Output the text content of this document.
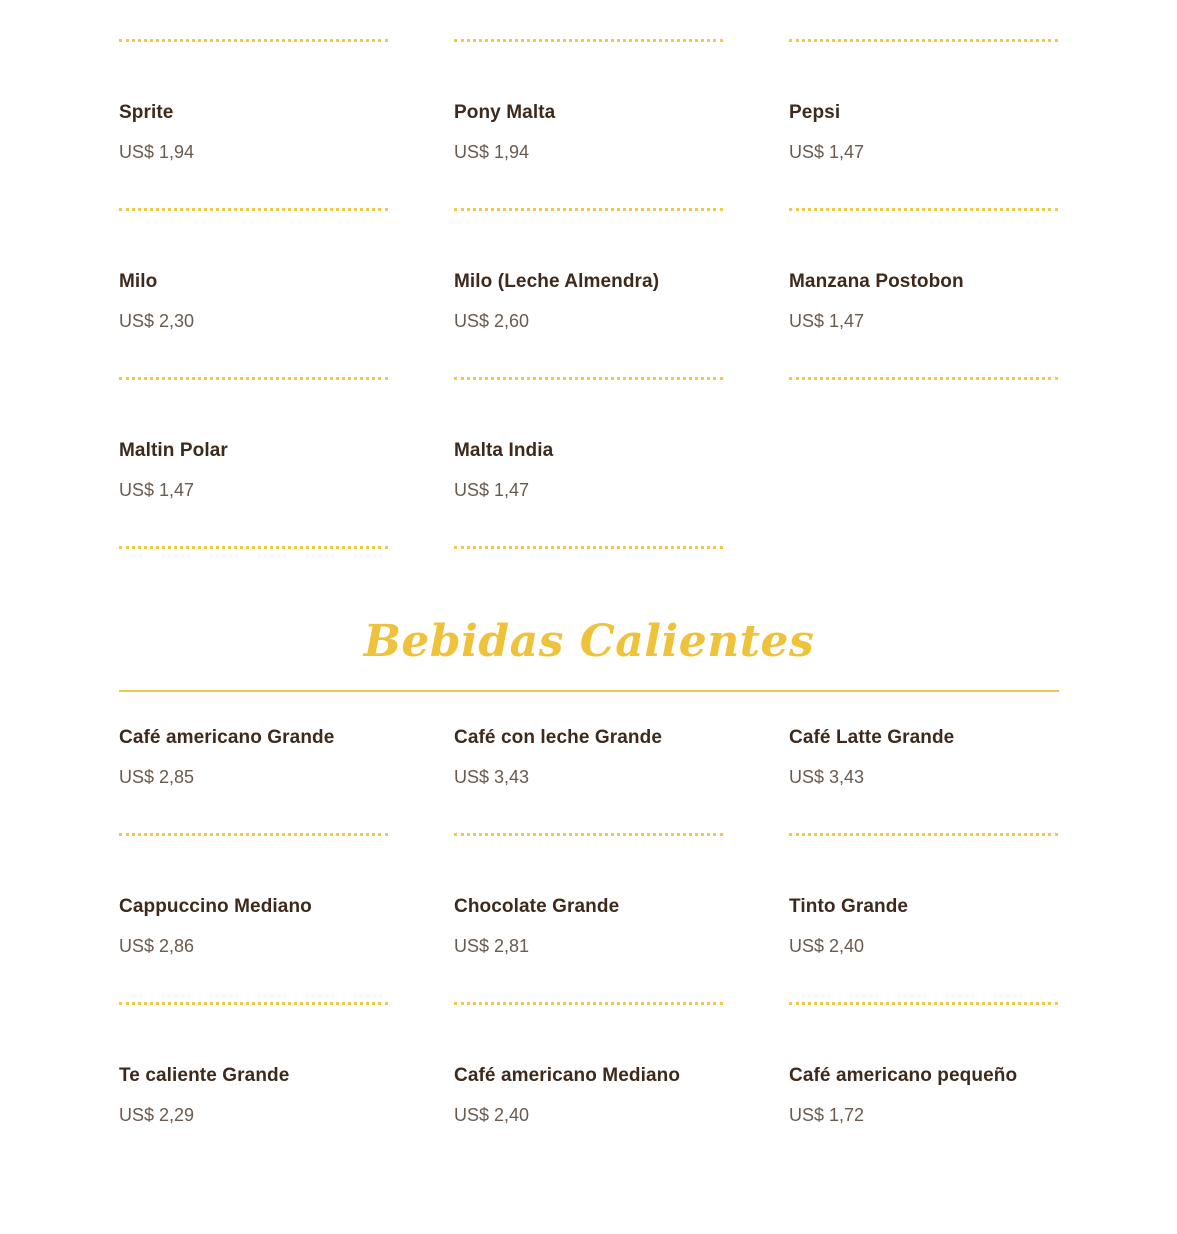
Sprite
US$ 1,94
Pony Malta
US$ 1,94
Pepsi
US$ 1,47
Milo
US$ 2,30
Milo (Leche Almendra)
US$ 2,60
Manzana Postobon
US$ 1,47
Maltin Polar
US$ 1,47
Malta India
US$ 1,47
Bebidas Calientes
Café americano Grande
US$ 2,85
Café con leche Grande
US$ 3,43
Café Latte Grande
US$ 3,43
Cappuccino Mediano
US$ 2,86
Chocolate Grande
US$ 2,81
Tinto Grande
US$ 2,40
Te caliente Grande
US$ 2,29
Café americano Mediano
US$ 2,40
Café americano pequeño
US$ 1,72
